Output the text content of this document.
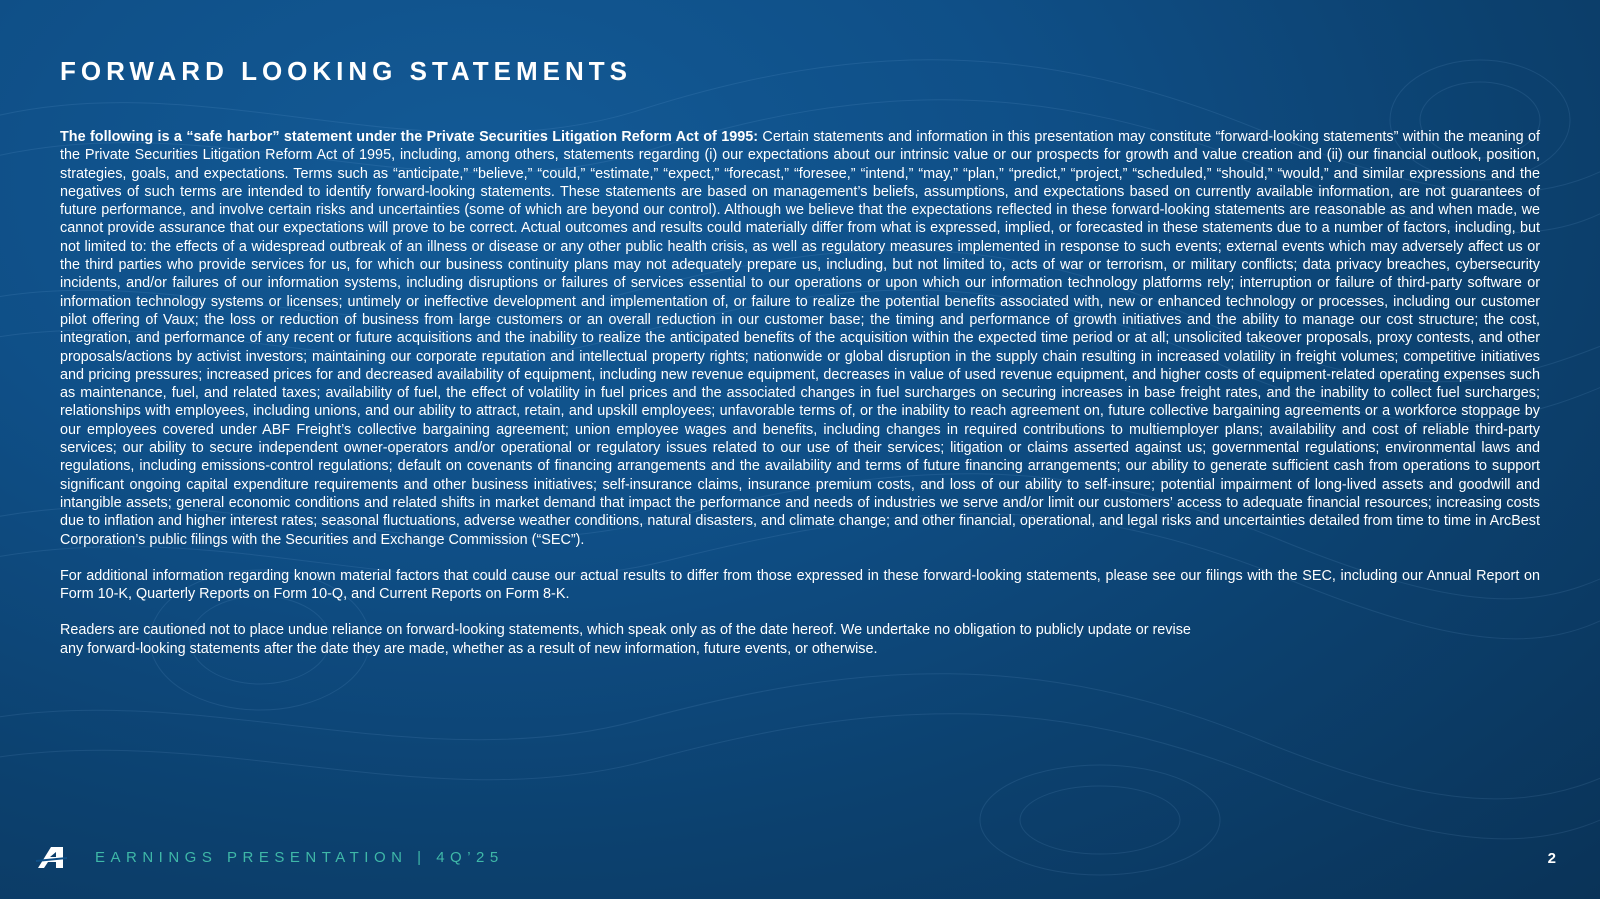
FORWARD LOOKING STATEMENTS

The following is a “safe harbor” statement under the Private Securities Litigation Reform Act of 1995: Certain statements and information in this presentation may constitute “forward-looking statements” within the meaning of the Private Securities Litigation Reform Act of 1995, including, among others, statements regarding (i) our expectations about our intrinsic value or our prospects for growth and value creation and (ii) our financial outlook, position, strategies, goals, and expectations. Terms such as “anticipate,” “believe,” “could,” “estimate,” “expect,” “forecast,” “foresee,” “intend,” “may,” “plan,” “predict,” “project,” “scheduled,” “should,” “would,” and similar expressions and the negatives of such terms are intended to identify forward-looking statements. These statements are based on management’s beliefs, assumptions, and expectations based on currently available information, are not guarantees of future performance, and involve certain risks and uncertainties (some of which are beyond our control). Although we believe that the expectations reflected in these forward-looking statements are reasonable as and when made, we cannot provide assurance that our expectations will prove to be correct. Actual outcomes and results could materially differ from what is expressed, implied, or forecasted in these statements due to a number of factors, including, but not limited to: the effects of a widespread outbreak of an illness or disease or any other public health crisis, as well as regulatory measures implemented in response to such events; external events which may adversely affect us or the third parties who provide services for us, for which our business continuity plans may not adequately prepare us, including, but not limited to, acts of war or terrorism, or military conflicts; data privacy breaches, cybersecurity incidents, and/or failures of our information systems, including disruptions or failures of services essential to our operations or upon which our information technology platforms rely; interruption or failure of third-party software or information technology systems or licenses; untimely or ineffective development and implementation of, or failure to realize the potential benefits associated with, new or enhanced technology or processes, including our customer pilot offering of Vaux; the loss or reduction of business from large customers or an overall reduction in our customer base; the timing and performance of growth initiatives and the ability to manage our cost structure; the cost, integration, and performance of any recent or future acquisitions and the inability to realize the anticipated benefits of the acquisition within the expected time period or at all; unsolicited takeover proposals, proxy contests, and other proposals/actions by activist investors; maintaining our corporate reputation and intellectual property rights; nationwide or global disruption in the supply chain resulting in increased volatility in freight volumes; competitive initiatives and pricing pressures; increased prices for and decreased availability of equipment, including new revenue equipment, decreases in value of used revenue equipment, and higher costs of equipment-related operating expenses such as maintenance, fuel, and related taxes; availability of fuel, the effect of volatility in fuel prices and the associated changes in fuel surcharges on securing increases in base freight rates, and the inability to collect fuel surcharges; relationships with employees, including unions, and our ability to attract, retain, and upskill employees; unfavorable terms of, or the inability to reach agreement on, future collective bargaining agreements or a workforce stoppage by our employees covered under ABF Freight’s collective bargaining agreement; union employee wages and benefits, including changes in required contributions to multiemployer plans; availability and cost of reliable third-party services; our ability to secure independent owner-operators and/or operational or regulatory issues related to our use of their services; litigation or claims asserted against us; governmental regulations; environmental laws and regulations, including emissions-control regulations; default on covenants of financing arrangements and the availability and terms of future financing arrangements; our ability to generate sufficient cash from operations to support significant ongoing capital expenditure requirements and other business initiatives; self-insurance claims, insurance premium costs, and loss of our ability to self-insure; potential impairment of long-lived assets and goodwill and intangible assets; general economic conditions and related shifts in market demand that impact the performance and needs of industries we serve and/or limit our customers’ access to adequate financial resources; increasing costs due to inflation and higher interest rates; seasonal fluctuations, adverse weather conditions, natural disasters, and climate change; and other financial, operational, and legal risks and uncertainties detailed from time to time in ArcBest Corporation’s public filings with the Securities and Exchange Commission (“SEC”).

For additional information regarding known material factors that could cause our actual results to differ from those expressed in these forward-looking statements, please see our filings with the SEC, including our Annual Report on Form 10-K, Quarterly Reports on Form 10-Q, and Current Reports on Form 8-K.

Readers are cautioned not to place undue reliance on forward-looking statements, which speak only as of the date hereof. We undertake no obligation to publicly update or revise
any forward-looking statements after the date they are made, whether as a result of new information, future events, or otherwise.

EARNINGS PRESENTATION | 4Q’25	2
